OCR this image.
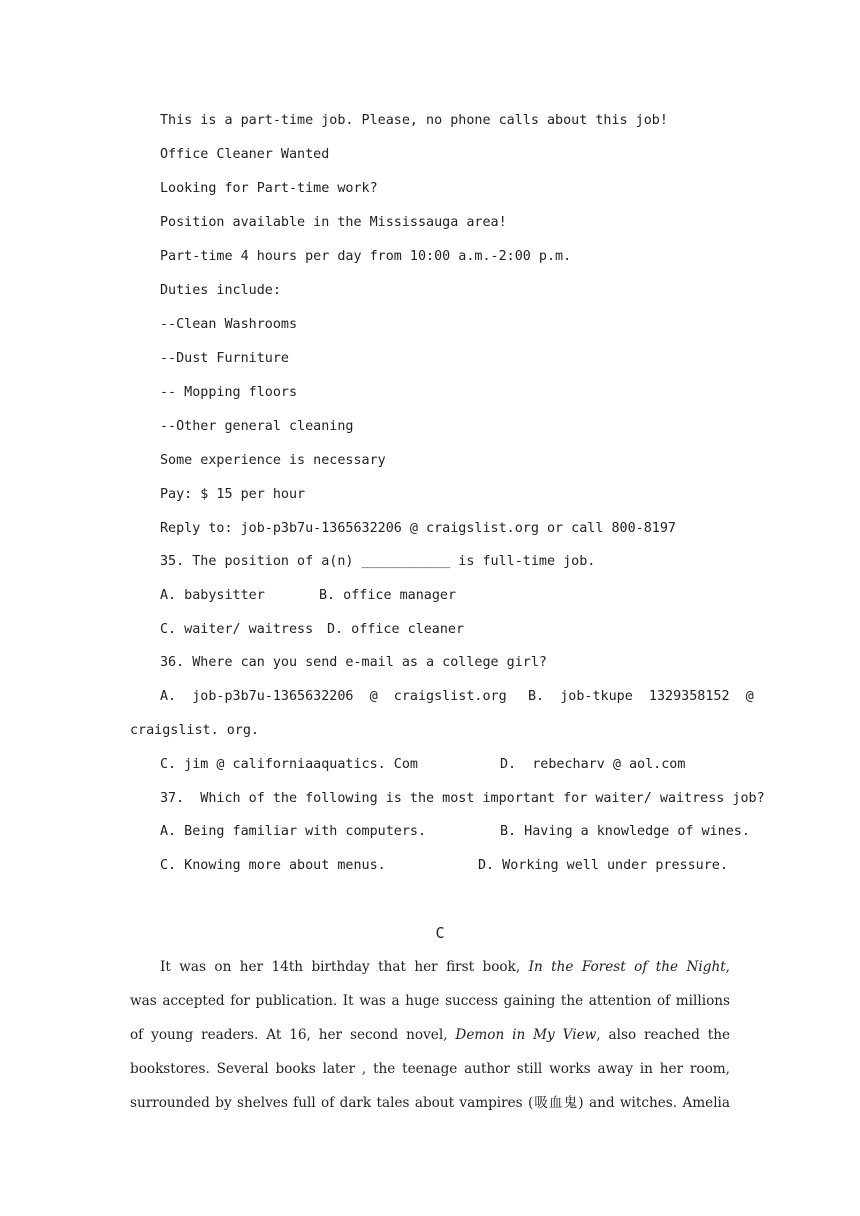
This is a part-time job. Please, no phone calls about this job!
Office Cleaner Wanted
Looking for Part-time work?
Position available in the Mississauga area!
Part-time 4 hours per day from 10:00 a.m.-2:00 p.m.
Duties include:
--Clean Washrooms
--Dust Furniture
-- Mopping floors
--Other general cleaning
Some experience is necessary
Pay: $ 15 per hour
Reply to: job-p3b7u-1365632206 @ craigslist.org or call 800-8197
35. The position of a(n) ___________ is full-time job.
A. babysitter	B. office manager
C. waiter/ waitress D. office cleaner
36. Where can you send e-mail as a college girl?
A.  job-p3b7u-1365632206  @  craigslist.org B.  job-tkupe  1329358152  @
craigslist. org.
C. jim @ californiaaquatics. Com	D.  rebecharv @ aol.com
37.  Which of the following is the most important for waiter/ waitress job?
A. Being familiar with computers.	B. Having a knowledge of wines.
C. Knowing more about menus.	D. Working well under pressure.
C
It was on her 14th birthday that her first book, In the Forest of the Night,
was accepted for publication. It was a huge success gaining the attention of millions
of young readers. At 16, her second novel, Demon in My View, also reached the
bookstores. Several books later , the teenage author still works away in her room,
surrounded by shelves full of dark tales about vampires (吸血鬼) and witches. Amelia
